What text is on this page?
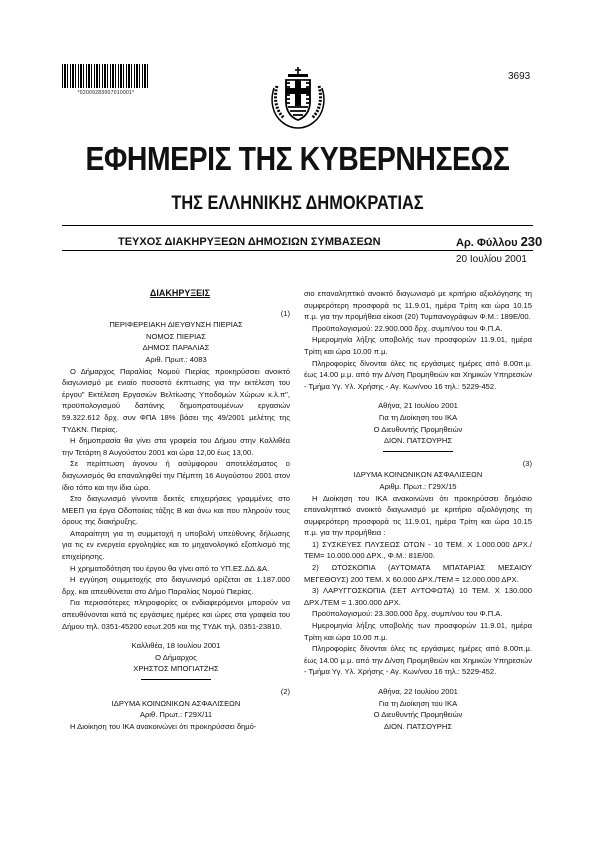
*02009283007010001*
3693
ΕΦΗΜΕΡΙΣ ΤΗΣ ΚΥΒΕΡΝΗΣΕΩΣ
ΤΗΣ ΕΛΛΗΝΙΚΗΣ ΔΗΜΟΚΡΑΤΙΑΣ
ΤΕΥΧΟΣ ΔΙΑΚΗΡΥΞΕΩΝ ΔΗΜΟΣΙΩΝ ΣΥΜΒΑΣΕΩΝ	Αρ. Φύλλου 230
20 Ιουλίου 2001

ΔΙΑΚΗΡΥΞΕΙΣ

(1)

ΠΕΡΙΦΕΡΕΙΑΚΗ ΔΙΕΥΘΥΝΣΗ ΠΙΕΡΙΑΣ

ΝΟΜΟΣ ΠΙΕΡΙΑΣ

ΔΗΜΟΣ ΠΑΡΑΛΙΑΣ

Αριθ. Πρωτ.: 4083

Ο Δήμαρχος Παραλίας Νομού Πιερίας προκηρύσσει ανοικτό διαγωνισμό με ενιαίο ποσοστό έκπτωσης για την εκτέλεση του έργου" Εκτέλεση Εργασιών Βελτίωσης Υποδομών Χώρων κ.λ.π", προϋπολογισμού δαπάνης δημοπρατουμένων εργασιών 59.322.612 δρχ. συν ΦΠΑ 18% βάσει της 49/2001 μελέτης της ΤΥΔΚΝ. Πιερίας.

Η δημοπρασία θα γίνει στα γραφεία του Δήμου στην Καλλιθέα την Τετάρτη 8 Αυγούστου 2001 και ώρα 12,00 έως 13,00.

Σε περίπτωση άγονου ή ασύμφορου αποτελέσματος ο διαγωνισμός θα επαναληφθεί την Πέμπτη 16 Αυγούστου 2001 στον ίδιο τόπο και την ίδια ώρα.

Στο διαγωνισμό γίνονται δεκτές επιχειρήσεις γραμμένες στο ΜΕΕΠ για έργα Οδοποιίας τάξης Β και άνω και που πληρούν τους όρους της διακήρυξης.

Απαραίτητη για τη συμμετοχή η υποβολή υπεύθυνης δήλωσης για τις εν ενεργεία εργοληψίες και το μηχανολογικό εξοπλισμό της επιχείρησης.

Η χρηματοδότηση του έργου θα γίνει από το ΥΠ.ΕΣ.ΔΔ.&Α.

Η εγγύηση συμμετοχής στο διαγωνισμό ορίζεται σε 1.187.000 δρχ. και απευθύνεται στο Δήμο Παραλίας Νομού Πιερίας.

Για περισσότερες πληροφορίες οι ενδιαφερόμενοι μπορούν να απευθύνονται κατά τις εργάσιμες ημέρες και ώρες στα γραφεία του Δήμου τηλ. 0351-45200 εσωτ.205 και της ΤΥΔΚ τηλ. 0351-23810.

Καλλιθέα, 18 Ιουλίου 2001

Ο Δήμαρχος

ΧΡΗΣΤΟΣ ΜΠΟΓΙΑΤΖΗΣ

(2)

ΙΔΡΥΜΑ ΚΟΙΝΩΝΙΚΩΝ ΑΣΦΑΛΙΣΕΩΝ

Αριθ. Πρωτ.: Γ29Χ/11

Η Διοίκηση του ΙΚΑ ανακοινώνει ότι προκηρύσσει δημό-

σιο επαναληπτικό ανοικτό διαγωνισμό με κριτήριο αξιολόγησης τη συμφερότερη προσφορά τις 11.9.01, ημέρα Τρίτη και ώρα 10.15 π.μ. για την προμήθεια είκοσι (20) Τυμπανογράφων Φ.Μ.: 189Ε/00.

Προϋπολογισμού: 22.900.000 δρχ. συμπ/νου του Φ.Π.Α.

Ημερομηνία λήξης υποβολής των προσφορών 11.9.01, ημέρα Τρίτη και ώρα 10.00 π.μ.

Πληροφορίες δίνονται όλες τις εργάσιμες ημέρες από 8.00π.μ. έως 14.00 μ.μ. από την Δ/νση Προμηθειών και Χημικών Υπηρεσιών - Τμήμα Υγ. Υλ. Χρήσης - Αγ. Κων/νου 16 τηλ.: 5229-452.

Αθήνα, 21 Ιουλίου 2001

Για τη Διοίκηση του ΙΚΑ

Ο Διευθυντής Προμηθειών

ΔΙΟΝ. ΠΑΤΣΟΥΡΗΣ

(3)

ΙΔΡΥΜΑ ΚΟΙΝΩΝΙΚΩΝ ΑΣΦΑΛΙΣΕΩΝ

Αριθμ. Πρωτ.: Γ29Χ/15

Η Διοίκηση του ΙΚΑ ανακοινώνει ότι προκηρύσσει δημόσιο επαναληπτικό ανοικτό διαγωνισμό με κριτήριο αξιολόγησης τη συμφερότερη προσφορά τις 11.9.01, ημέρα Τρίτη και ώρα 10.15 π.μ. για την προμήθεια :

1) ΣΥΣΚΕΥΕΣ ΠΛΥΣΕΩΣ ΩΤΩΝ - 10 ΤΕΜ. Χ 1.000.000 ΔΡΧ./ΤΕΜ= 10.000.000 ΔΡΧ., Φ.Μ.: 81Ε/00.

2) ΩΤΟΣΚΟΠΙΑ (ΑΥΤΟΜΑΤΑ ΜΠΑΤΑΡΙΑΣ ΜΕΣΑΙΟΥ ΜΕΓΕΘΟΥΣ) 200 ΤΕΜ. Χ 60.000 ΔΡΧ./ΤΕΜ = 12.000.000 ΔΡΧ.

3) ΛΑΡΥΓΓΟΣΚΟΠΙΑ (ΣΕΤ ΑΥΤΟΦΩΤΑ) 10 ΤΕΜ. Χ 130.000 ΔΡΧ./ΤΕΜ = 1.300.000 ΔΡΧ.

Προϋπολογισμού: 23.300.000 δρχ. συμπ/νου του Φ.Π.Α.

Ημερομηνία λήξης υποβολής των προσφορών 11.9.01, ημέρα Τρίτη και ώρα 10.00 π.μ.

Πληροφορίες δίνονται όλες τις εργάσιμες ημέρες από 8.00π.μ. έως 14.00 μ.μ. από την Δ/νση Προμηθειών και Χημικών Υπηρεσιών - Τμήμα Υγ. Υλ. Χρήσης - Αγ. Κων/νου 16 τηλ.: 5229-452.

Αθήνα, 22 Ιουλίου 2001

Για τη Διοίκηση του ΙΚΑ

Ο Διευθυντής Προμηθειών

ΔΙΟΝ. ΠΑΤΣΟΥΡΗΣ
